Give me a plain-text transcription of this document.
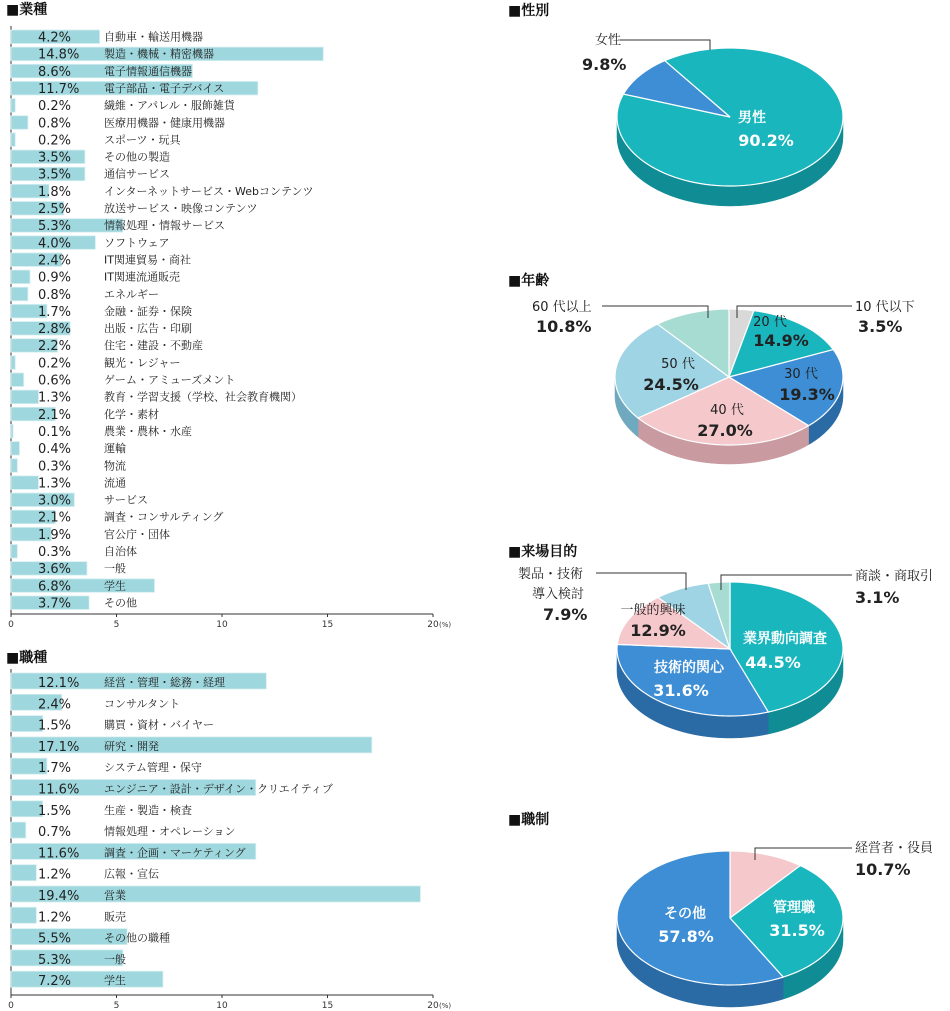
■業種
4.2%	自動車・輸送用機器
14.8% 製造・機械・精密機器
8.6%	電子情報通信機器
11.7% 電子部品・電子デバイス
0.2%	繊維・アパレル・服飾雑貨
0.8%	医療用機器・健康用機器
0.2%	スポーツ・玩具
3.5%	その他の製造
3.5%	通信サービス
1.8%	インターネットサービス・Webコンテンツ
2.5%	放送サービス・映像コンテンツ
5.3%	情報処理・情報サービス
4.0%	ソフトウェア
2.4%	IT関連貿易・商社
0.9%	IT関連流通販売
0.8%	エネルギー
1.7%	金融・証券・保険
2.8%	出版・広告・印刷
2.2%	住宅・建設・不動産
0.2%	観光・レジャー
0.6%	ゲーム・アミューズメント
1.3%	教育・学習支援（学校、社会教育機関）
2.1%	化学・素材
0.1%	農業・農林・水産
0.4%	運輸
0.3%	物流
1.3%	流通
3.0%	サービス
2.1%	調査・コンサルティング
1.9%	官公庁・団体
0.3%	自治体
3.6%	一般
6.8%	学生
3.7%	その他
0	5	10	15	20 (%)
■職種
12.1% 経営・管理・総務・経理
2.4%	コンサルタント
1.5%	購買・資材・バイヤー
17.1% 研究・開発
1.7%	システム管理・保守
11.6% エンジニア・設計・デザイン・クリエイティブ
1.5%	生産・製造・検査
0.7%	情報処理・オペレーション
11.6% 調査・企画・マーケティング
1.2%	広報・宣伝
19.4% 営業
1.2%	販売
5.5%	その他の職種
5.3%	一般
7.2%	学生
0	5	10	15	20 (%)
■性別
■年齢
■来場目的
■職制
女性
9.8%
男性
90.2%
60 代以上
10.8%
10 代以下
3.5%
20 代
14.9%
30 代
19.3%
40 代
27.0%
50 代
24.5%
製品・技術
導入検討
7.9%
商談・商取引
3.1%
一般的興味
12.9%	業界動向調査
44.5%
技術的関心
31.6%
経営者・役員
10.7%
管理職
31.5%
その他
57.8%
